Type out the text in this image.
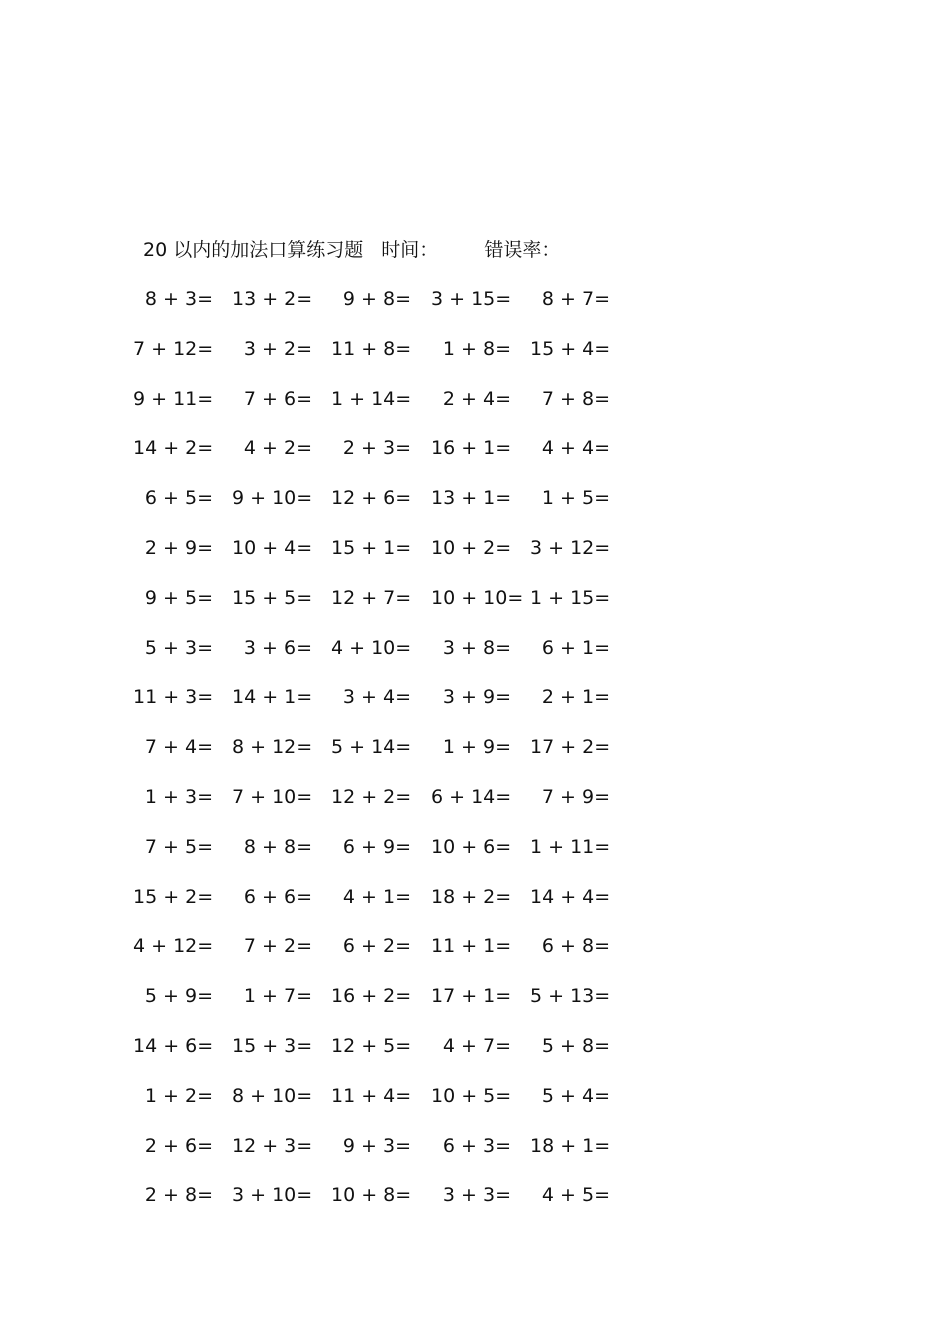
20 以内的加法口算练习题 时间： 错误率：
8 + 3= 13 + 2=	9 + 8= 3 + 15=	8 + 7=
7 + 12=	3 + 2= 11 + 8=	1 + 8= 15 + 4=
9 + 11=	7 + 6= 1 + 14=	2 + 4=	7 + 8=
14 + 2=	4 + 2=	2 + 3= 16 + 1=	4 + 4=
6 + 5= 9 + 10= 12 + 6= 13 + 1=	1 + 5=
2 + 9= 10 + 4= 15 + 1= 10 + 2= 3 + 12=
9 + 5= 15 + 5= 12 + 7= 10 + 10= 1 + 15=
5 + 3=	3 + 6= 4 + 10=	3 + 8=	6 + 1=
11 + 3= 14 + 1=	3 + 4=	3 + 9=	2 + 1=
7 + 4= 8 + 12= 5 + 14=	1 + 9= 17 + 2=
1 + 3= 7 + 10= 12 + 2= 6 + 14=	7 + 9=
7 + 5=	8 + 8=	6 + 9= 10 + 6= 1 + 11=
15 + 2=	6 + 6=	4 + 1= 18 + 2= 14 + 4=
4 + 12=	7 + 2=	6 + 2= 11 + 1=	6 + 8=
5 + 9=	1 + 7= 16 + 2= 17 + 1= 5 + 13=
14 + 6= 15 + 3= 12 + 5=	4 + 7=	5 + 8=
1 + 2= 8 + 10= 11 + 4= 10 + 5=	5 + 4=
2 + 6= 12 + 3=	9 + 3=	6 + 3= 18 + 1=
2 + 8= 3 + 10= 10 + 8=	3 + 3=	4 + 5=
